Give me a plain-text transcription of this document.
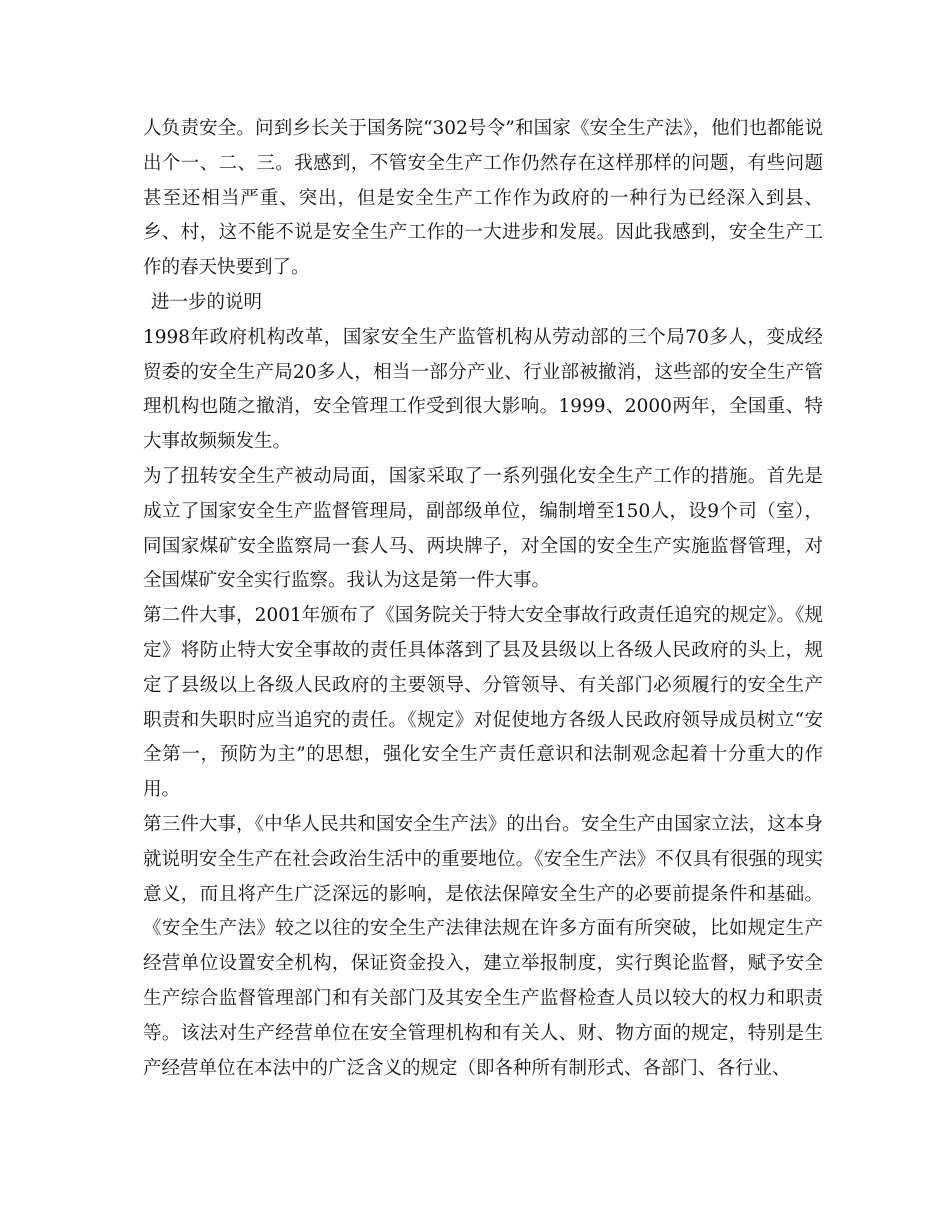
人负责安全。问到乡长关于国务院“302号令”和国家《安全生产法》，他们也都能说出个一、二、三。我感到，不管安全生产工作仍然存在这样那样的问题，有些问题甚至还相当严重、突出，但是安全生产工作作为政府的一种行为已经深入到县、乡、村，这不能不说是安全生产工作的一大进步和发展。因此我感到，安全生产工作的春天快要到了。

进一步的说明

1998年政府机构改革，国家安全生产监管机构从劳动部的三个局70多人，变成经贸委的安全生产局20多人，相当一部分产业、行业部被撤消，这些部的安全生产管理机构也随之撤消，安全管理工作受到很大影响。1999、2000两年，全国重、特大事故频频发生。

为了扭转安全生产被动局面，国家采取了一系列强化安全生产工作的措施。首先是成立了国家安全生产监督管理局，副部级单位，编制增至150人，设9个司（室），同国家煤矿安全监察局一套人马、两块牌子，对全国的安全生产实施监督管理，对全国煤矿安全实行监察。我认为这是第一件大事。

第二件大事，2001年颁布了《国务院关于特大安全事故行政责任追究的规定》。《规定》将防止特大安全事故的责任具体落到了县及县级以上各级人民政府的头上，规定了县级以上各级人民政府的主要领导、分管领导、有关部门必须履行的安全生产职责和失职时应当追究的责任。《规定》对促使地方各级人民政府领导成员树立“安全第一，预防为主”的思想，强化安全生产责任意识和法制观念起着十分重大的作用。

第三件大事，《中华人民共和国安全生产法》的出台。安全生产由国家立法，这本身就说明安全生产在社会政治生活中的重要地位。《安全生产法》不仅具有很强的现实意义，而且将产生广泛深远的影响，是依法保障安全生产的必要前提条件和基础。《安全生产法》较之以往的安全生产法律法规在许多方面有所突破，比如规定生产经营单位设置安全机构，保证资金投入，建立举报制度，实行舆论监督，赋予安全生产综合监督管理部门和有关部门及其安全生产监督检查人员以较大的权力和职责等。该法对生产经营单位在安全管理机构和有关人、财、物方面的规定，特别是生产经营单位在本法中的广泛含义的规定（即各种所有制形式、各部门、各行业、
